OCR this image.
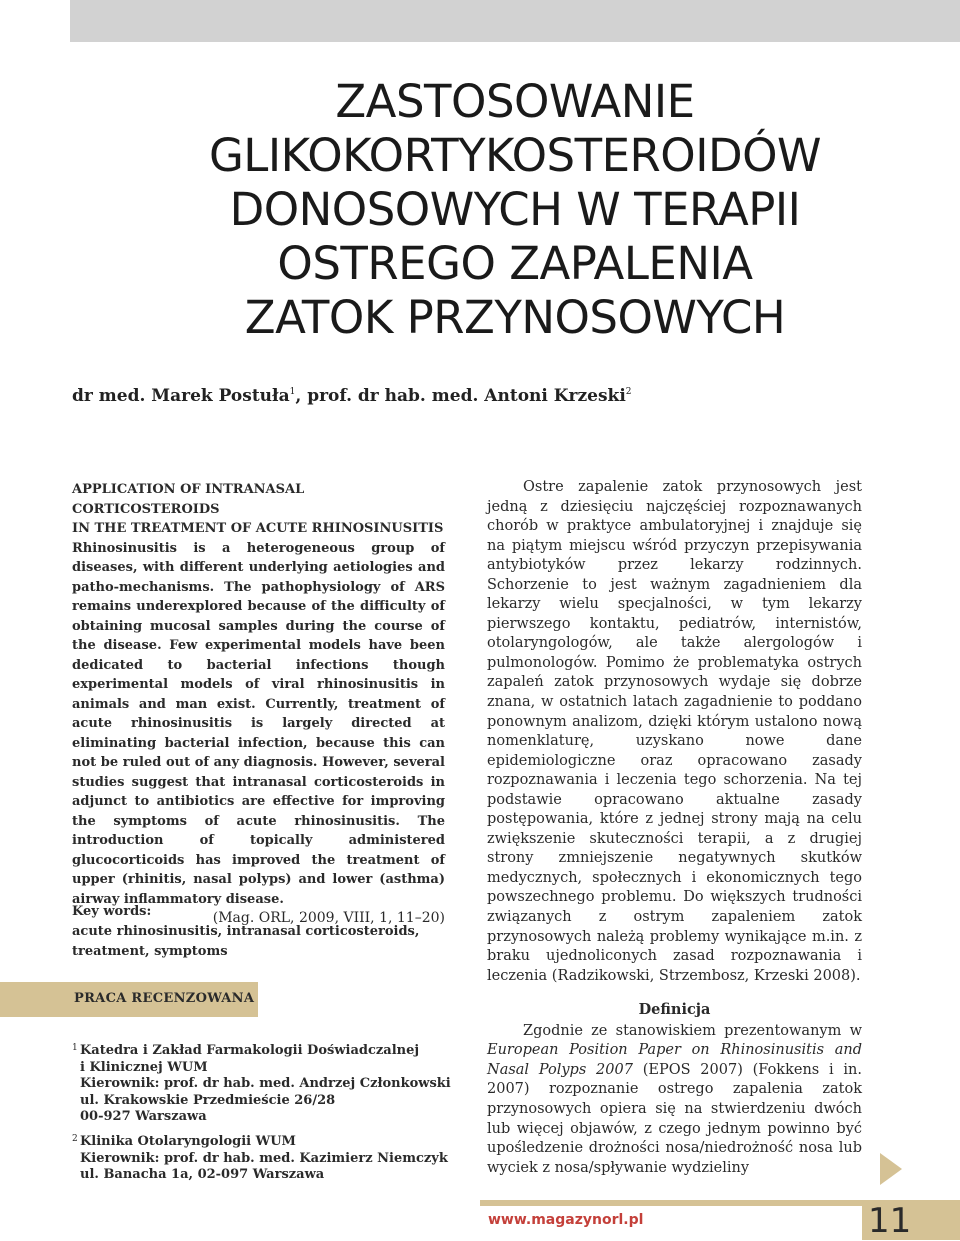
ZASTOSOWANIE
GLIKOKORTYKOSTEROIDÓW
DONOSOWYCH W TERAPII
OSTREGO ZAPALENIA
ZATOK PRZYNOSOWYCH

dr med. Marek Postuła$^1$, prof. dr hab. med. Antoni Krzeski$^2$

APPLICATION OF INTRANASAL CORTICOSTEROIDS
IN THE TREATMENT OF ACUTE RHINOSINUSITIS

Rhinosinusitis is a heterogeneous group of diseases, with different underlying aetiologies and patho-mechanisms. The pathophysiology of ARS remains underexplored because of the difficulty of obtaining mucosal samples during the course of the disease. Few experimental models have been dedicated to bacterial infections though experimental models of viral rhinosinusitis in animals and man exist. Currently, treatment of acute rhinosinusitis is largely directed at eliminating bacterial infection, because this can not be ruled out of any diagnosis. However, several studies suggest that intranasal corticosteroids in adjunct to antibiotics are effective for improving the symptoms of acute rhinosinusitis. The introduction of topically administered glucocorticoids has improved the treatment of upper (rhinitis, nasal polyps) and lower (asthma) airway inflammatory disease.

(Mag. ORL, 2009, VIII, 1, 11–20)

Key words:
acute rhinosinusitis, intranasal corticosteroids,
treatment, symptoms
PRACA RECENZOWANA
1 Katedra i Zakład Farmakologii Doświadczalnej
i Klinicznej WUM
Kierownik: prof. dr hab. med. Andrzej Członkowski
ul. Krakowskie Przedmieście 26/28
00-927 Warszawa
2 Klinika Otolaryngologii WUM
Kierownik: prof. dr hab. med. Kazimierz Niemczyk
ul. Banacha 1a, 02-097 Warszawa

Ostre zapalenie zatok przynosowych jest jedną z dziesięciu najczęściej rozpoznawanych chorób w praktyce ambulatoryjnej i znajduje się na piątym miejscu wśród przyczyn przepisywania antybiotyków przez lekarzy rodzinnych. Schorzenie to jest ważnym zagadnieniem dla lekarzy wielu specjalności, w tym lekarzy pierwszego kontaktu, pediatrów, internistów, otolaryngologów, ale także alergologów i pulmonologów. Pomimo że problematyka ostrych zapaleń zatok przynosowych wydaje się dobrze znana, w ostatnich latach zagadnienie to poddano ponownym analizom, dzięki którym ustalono nową nomenklaturę, uzyskano nowe dane epidemiologiczne oraz opracowano zasady rozpoznawania i leczenia tego schorzenia. Na tej podstawie opracowano aktualne zasady postępowania, które z jednej strony mają na celu zwiększenie skuteczności terapii, a z drugiej strony zmniejszenie negatywnych skutków medycznych, społecznych i ekonomicznych tego powszechnego problemu. Do większych trudności związanych z ostrym zapaleniem zatok przynosowych należą problemy wynikające m.in. z braku ujednoliconych zasad rozpoznawania i leczenia (Radzikowski, Strzembosz, Krzeski 2008).

Definicja

Zgodnie ze stanowiskiem prezentowanym w European Position Paper on Rhinosinusitis and Nasal Polyps 2007 (EPOS 2007) (Fokkens i in. 2007) rozpoznanie ostrego zapalenia zatok przynosowych opiera się na stwierdzeniu dwóch lub więcej objawów, z czego jednym powinno być upośledzenie drożności nosa/niedrożność nosa lub wyciek z nosa/spływanie wydzieliny

www.magazynorl.pl	11
